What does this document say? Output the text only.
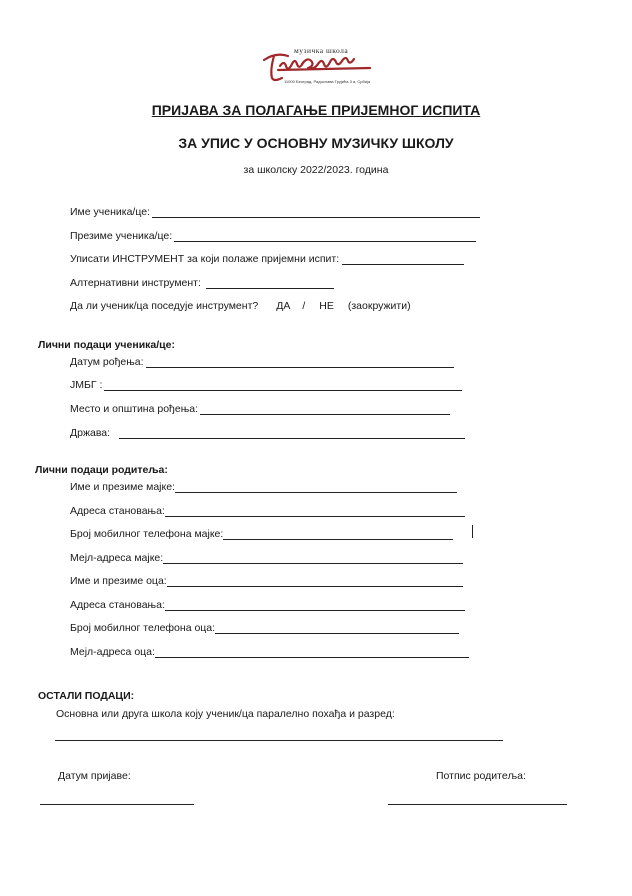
музичка школа
11000 Београд, Радослава Грујића 3 а, Србија
ПРИЈАВА ЗА ПОЛАГАЊЕ ПРИЈЕМНОГ ИСПИТА
ЗА УПИС У ОСНОВНУ МУЗИЧКУ ШКОЛУ
за школску 2022/2023. година
Име ученика/це:
Презиме ученика/це:
Уписати ИНСТРУМЕНТ за који полаже пријемни испит:
Алтернативни инструмент:
Да ли ученик/ца поседује инструмент? ДА / НЕ (заокружити)
Лични подаци ученика/це:
Датум рођења:
ЈМБГ :
Место и општина рођења:
Држава:
Лични подаци родитеља:
Име и презиме мајке:
Адреса становања:
Број мобилног телефона мајке:
Мејл-адреса мајке:
Име и презиме оца:
Адреса становања:
Број мобилног телефона оца:
Мејл-адреса оца:
ОСТАЛИ ПОДАЦИ:
Основна или друга школа коју ученик/ца паралелно похађа и разред:
Датум пријаве:	Потпис родитеља:
